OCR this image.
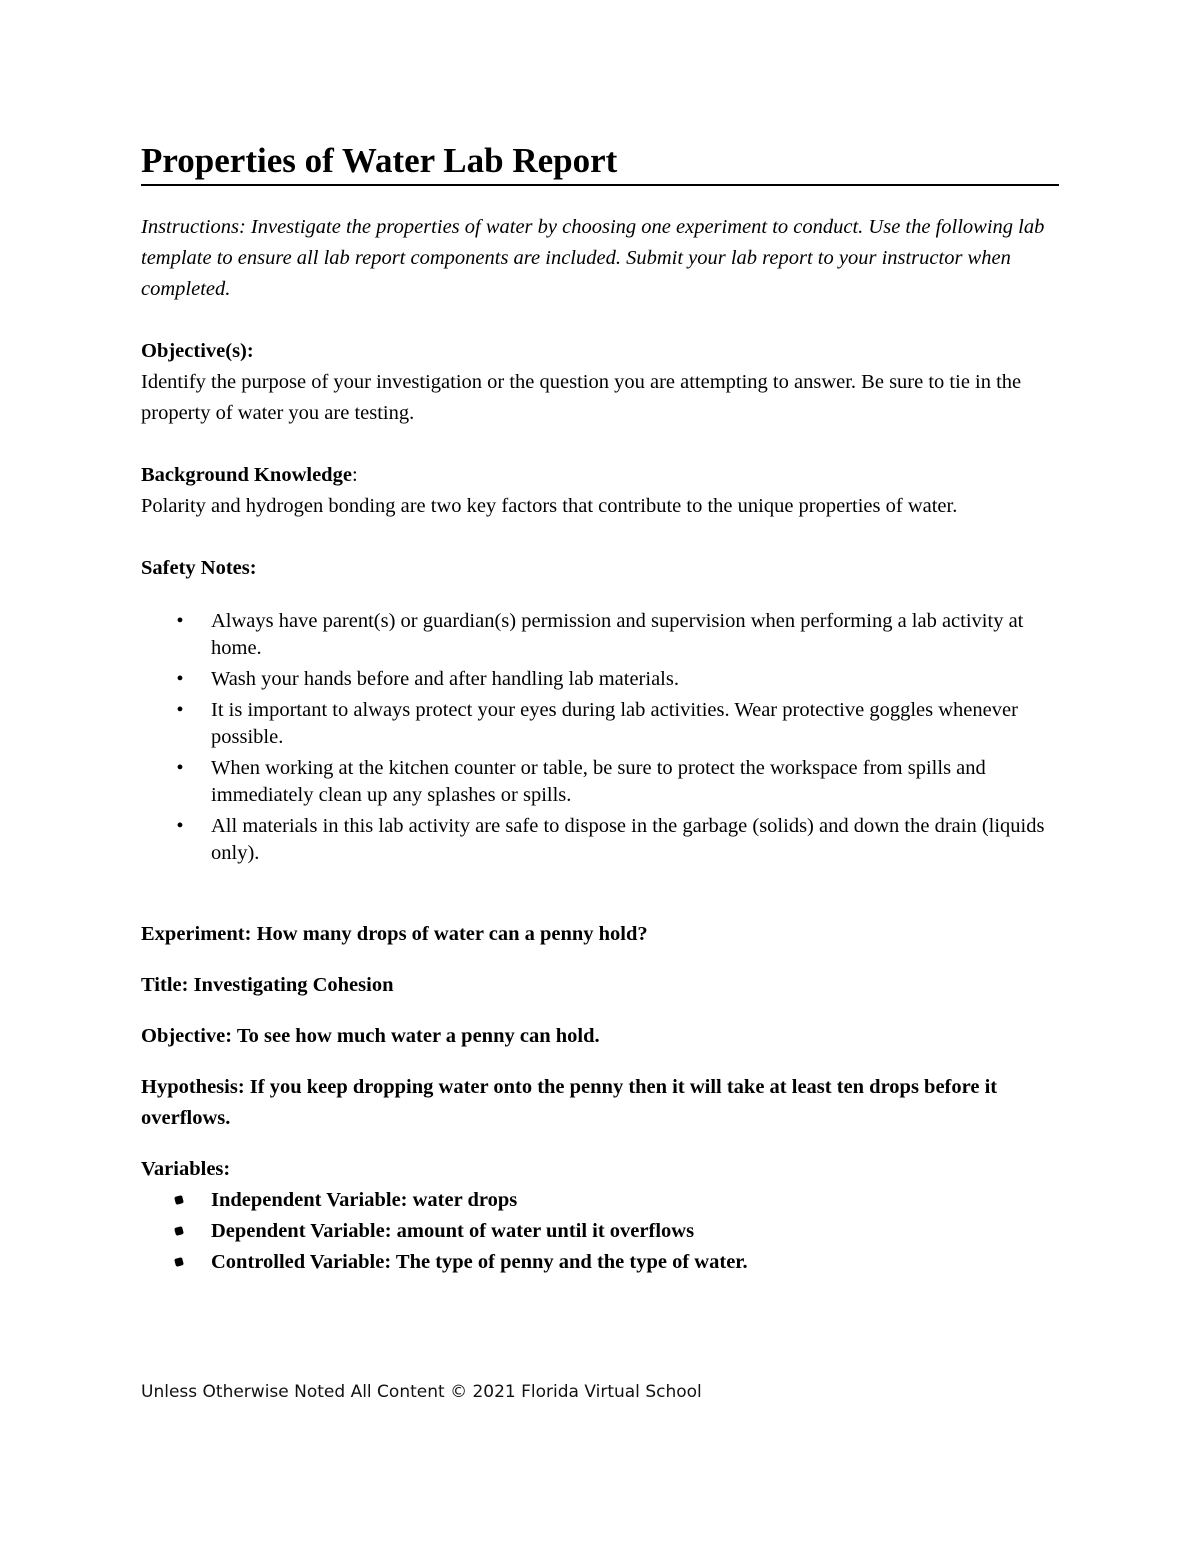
Properties of Water Lab Report

Instructions: Investigate the properties of water by choosing one experiment to conduct. Use the following lab template to ensure all lab report components are included. Submit your lab report to your instructor when completed.

Objective(s):

Identify the purpose of your investigation or the question you are attempting to answer. Be sure to tie in the property of water you are testing.

Background Knowledge:

Polarity and hydrogen bonding are two key factors that contribute to the unique properties of water.

Safety Notes:

• Always have parent(s) or guardian(s) permission and supervision when performing a lab activity at home.
• Wash your hands before and after handling lab materials.
• It is important to always protect your eyes during lab activities. Wear protective goggles whenever possible.
• When working at the kitchen counter or table, be sure to protect the workspace from spills and immediately clean up any splashes or spills.
• All materials in this lab activity are safe to dispose in the garbage (solids) and down the drain (liquids only).

Experiment: How many drops of water can a penny hold?

Title: Investigating Cohesion

Objective: To see how much water a penny can hold.

Hypothesis: If you keep dropping water onto the penny then it will take at least ten drops before it overflows.

Variables:

Independent Variable: water drops
Dependent Variable: amount of water until it overflows
Controlled Variable: The type of penny and the type of water.
Unless Otherwise Noted All Content © 2021 Florida Virtual School
